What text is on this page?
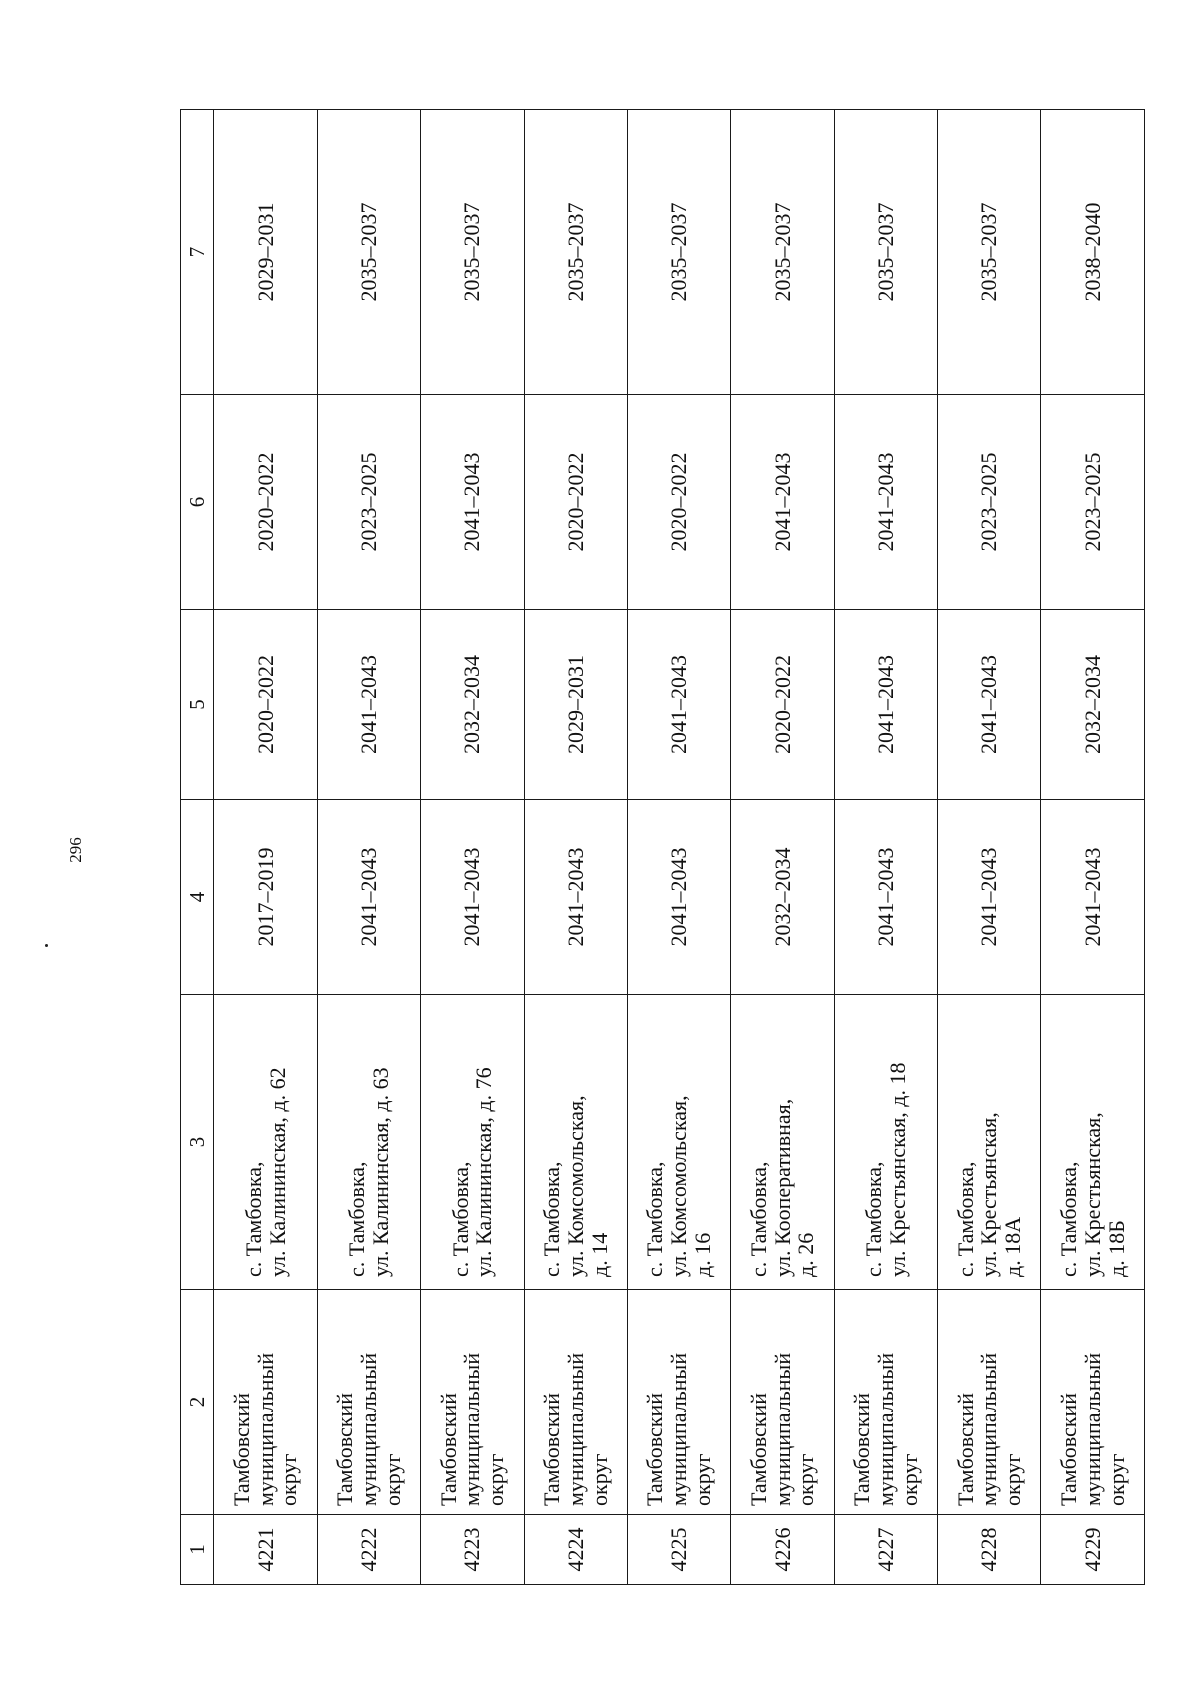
296
1	2	3	4	5	6	7
4221	Тамбовский
муниципальный
округ	с. Тамбовка,
ул. Калининская, д. 62	2017–2019	2020–2022	2020–2022	2029–2031
4222	Тамбовский
муниципальный
округ	с. Тамбовка,
ул. Калининская, д. 63	2041–2043	2041–2043	2023–2025	2035–2037
4223	Тамбовский
муниципальный
округ	с. Тамбовка,
ул. Калининская, д. 76	2041–2043	2032–2034	2041–2043	2035–2037
4224	Тамбовский
муниципальный
округ	с. Тамбовка,
ул. Комсомольская,
д. 14	2041–2043	2029–2031	2020–2022	2035–2037
4225	Тамбовский
муниципальный
округ	с. Тамбовка,
ул. Комсомольская,
д. 16	2041–2043	2041–2043	2020–2022	2035–2037
4226	Тамбовский
муниципальный
округ	с. Тамбовка,
ул. Кооперативная,
д. 26	2032–2034	2020–2022	2041–2043	2035–2037
4227	Тамбовский
муниципальный
округ	с. Тамбовка,
ул. Крестьянская, д. 18	2041–2043	2041–2043	2041–2043	2035–2037
4228	Тамбовский
муниципальный
округ	с. Тамбовка,
ул. Крестьянская,
д. 18А	2041–2043	2041–2043	2023–2025	2035–2037
4229	Тамбовский
муниципальный
округ	с. Тамбовка,
ул. Крестьянская,
д. 18Б	2041–2043	2032–2034	2023–2025	2038–2040
